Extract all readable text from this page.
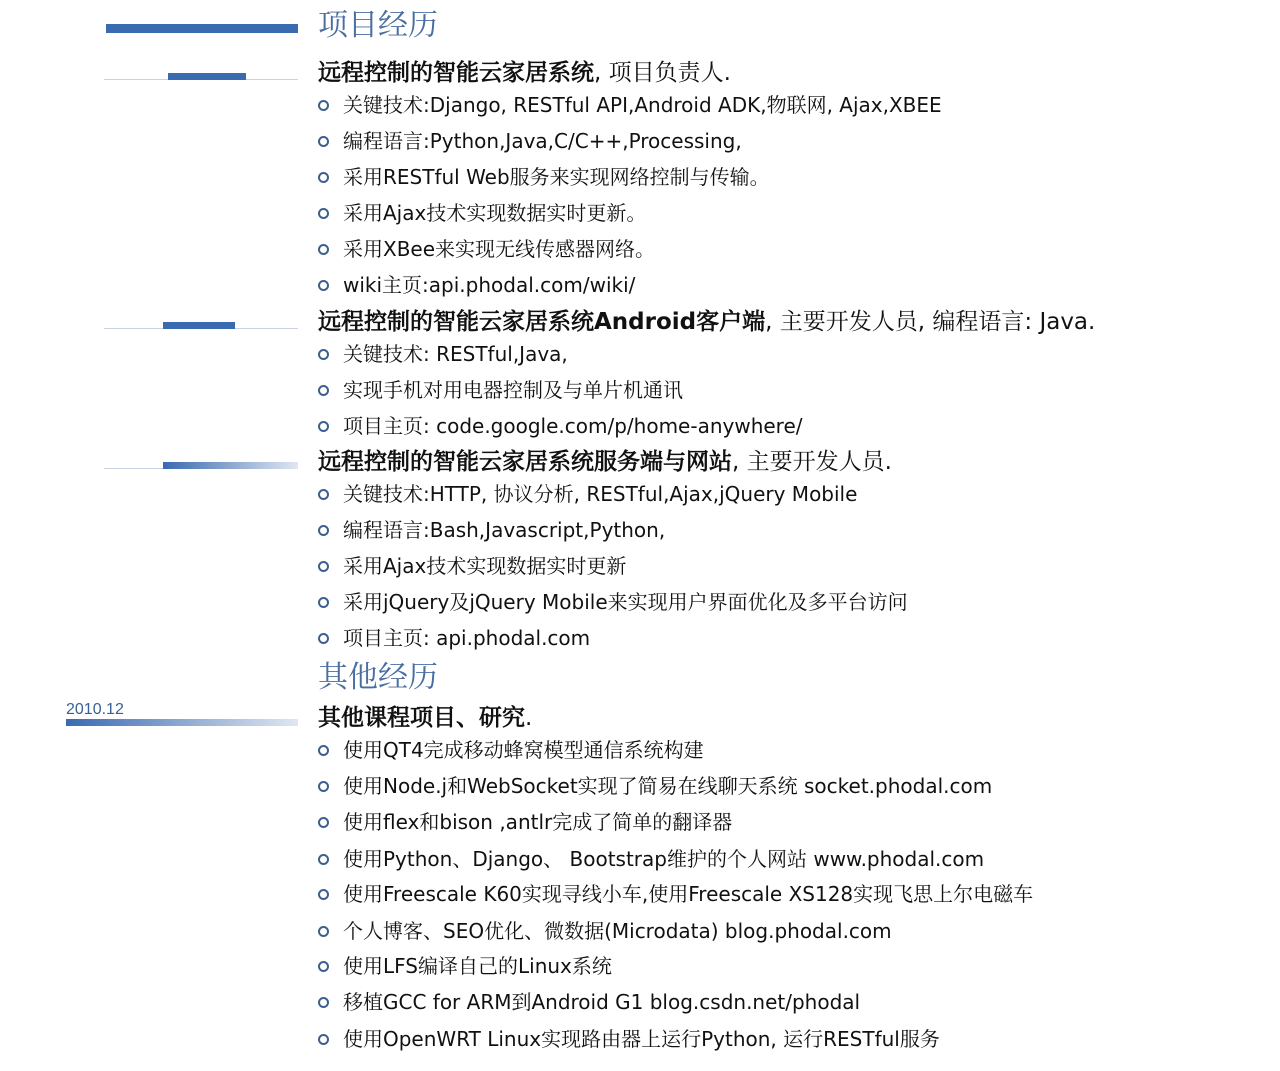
2010.12
项目经历
远程控制的智能云家居系统, 项目负责人.
关键技术:Django, RESTful API,Android ADK,物联网, Ajax,XBEE
编程语言:Python,Java,C/C++,Processing,
采用RESTful Web服务来实现网络控制与传输。
采用Ajax技术实现数据实时更新。
采用XBee来实现无线传感器网络。
wiki主页:api.phodal.com/wiki/
远程控制的智能云家居系统Android客户端, 主要开发人员, 编程语言: Java.
关键技术: RESTful,Java,
实现手机对用电器控制及与单片机通讯
项目主页: code.google.com/p/home-anywhere/
远程控制的智能云家居系统服务端与网站, 主要开发人员.
关键技术:HTTP, 协议分析, RESTful,Ajax,jQuery Mobile
编程语言:Bash,Javascript,Python,
采用Ajax技术实现数据实时更新
采用jQuery及jQuery Mobile来实现用户界面优化及多平台访问
项目主页: api.phodal.com
其他经历
其他课程项目、研究.
使用QT4完成移动蜂窝模型通信系统构建
使用Node.j和WebSocket实现了简易在线聊天系统 socket.phodal.com
使用flex和bison ,antlr完成了简单的翻译器
使用Python、Django、 Bootstrap维护的个人网站 www.phodal.com
使用Freescale K60实现寻线小车,使用Freescale XS128实现飞思上尔电磁车
个人博客、SEO优化、微数据(Microdata) blog.phodal.com
使用LFS编译自己的Linux系统
移植GCC for ARM到Android G1 blog.csdn.net/phodal
使用OpenWRT Linux实现路由器上运行Python, 运行RESTful服务
